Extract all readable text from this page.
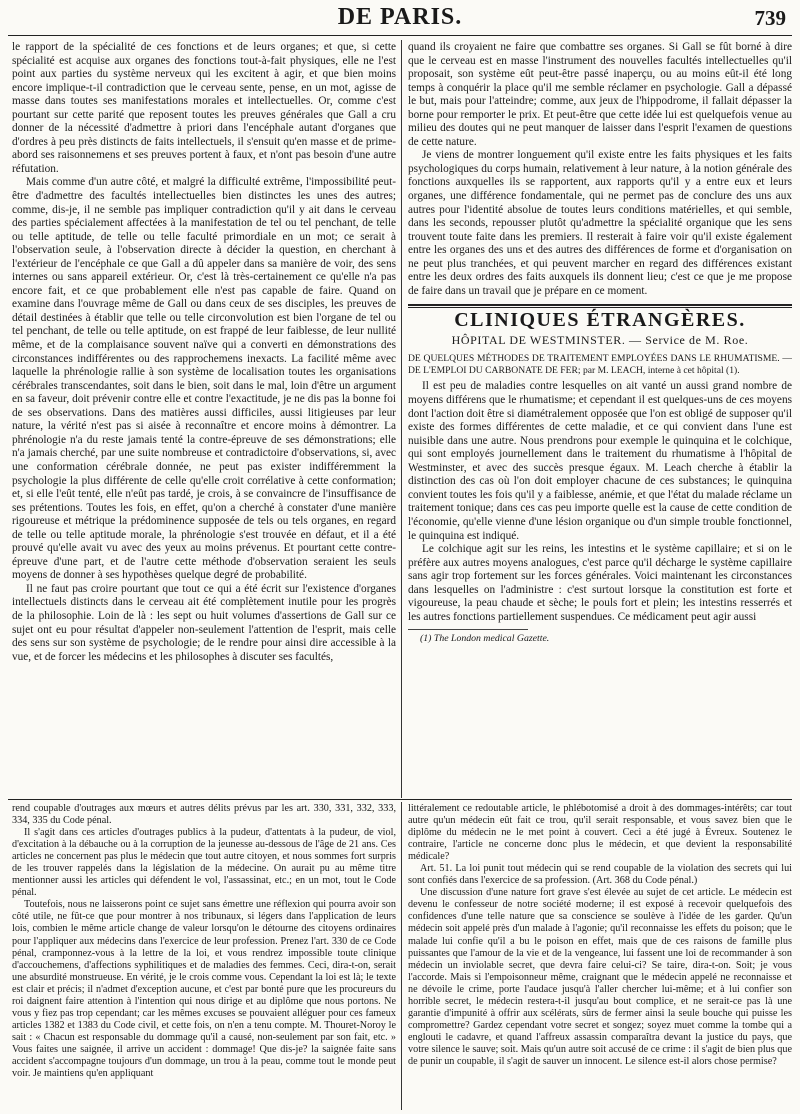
DE PARIS.	739

le rapport de la spécialité de ces fonctions et de leurs organes; et que, si cette spécialité est acquise aux organes des fonctions tout-à-fait physiques, elle ne l'est point aux parties du système nerveux qui les excitent à agir, et que bien moins encore implique-t-il contradiction que le cerveau sente, pense, en un mot, agisse de masse dans toutes ses manifestations morales et intellectuelles. Or, comme c'est pourtant sur cette parité que reposent toutes les preuves générales que Gall a cru donner de la nécessité d'admettre à priori dans l'encéphale autant d'organes que d'ordres à peu près distincts de faits intellectuels, il s'ensuit qu'en masse et de prime-abord ses raisonnemens et ses preuves portent à faux, et n'ont pas besoin d'une autre réfutation.

Mais comme d'un autre côté, et malgré la difficulté extrême, l'impossibilité peut-être d'admettre des facultés intellectuelles bien distinctes les unes des autres; comme, dis-je, il ne semble pas impliquer contradiction qu'il y ait dans le cerveau des parties spécialement affectées à la manifestation de tel ou tel penchant, de telle ou telle aptitude, de telle ou telle faculté primordiale en un mot; ce serait à l'observation seule, à l'observation directe à décider la question, en cherchant à l'extérieur de l'encéphale ce que Gall a dû appeler dans sa manière de voir, des sens internes ou sans appareil extérieur. Or, c'est là très-certainement ce qu'elle n'a pas encore fait, et ce que probablement elle n'est pas capable de faire. Quand on examine dans l'ouvrage même de Gall ou dans ceux de ses disciples, les preuves de détail destinées à établir que telle ou telle circonvolution est bien l'organe de tel ou tel penchant, de telle ou telle aptitude, on est frappé de leur faiblesse, de leur nullité même, et de la complaisance souvent naïve qui a converti en démonstrations des circonstances indifférentes ou des rapprochemens inexacts. La facilité même avec laquelle la phrénologie rallie à son système de localisation toutes les organisations cérébrales transcendantes, soit dans le bien, soit dans le mal, loin d'être un argument en sa faveur, doit prévenir contre elle et contre l'exactitude, je ne dis pas la bonne foi de ses observations. Dans des matières aussi difficiles, aussi litigieuses par leur nature, la vérité n'est pas si aisée à reconnaître et encore moins à démontrer. La phrénologie n'a du reste jamais tenté la contre-épreuve de ses démonstrations; elle n'a jamais cherché, par une suite nombreuse et contradictoire d'observations, si, avec une conformation cérébrale donnée, ne peut pas exister indifféremment la psychologie la plus différente de celle qu'elle croit corrélative à cette conformation; et, si elle l'eût tenté, elle n'eût pas tardé, je crois, à se convaincre de l'insuffisance de ses prétentions. Toutes les fois, en effet, qu'on a cherché à constater d'une manière rigoureuse et métrique la prédominence supposée de tels ou tels organes, en regard de telle ou telle aptitude morale, la phrénologie s'est trouvée en défaut, et il a été prouvé qu'elle avait vu avec des yeux au moins prévenus. Et pourtant cette contre-épreuve d'une part, et de l'autre cette méthode d'observation seraient les seuls moyens de donner à ses hypothèses quelque degré de probabilité.

Il ne faut pas croire pourtant que tout ce qui a été écrit sur l'existence d'organes intellectuels distincts dans le cerveau ait été complètement inutile pour les progrès de la philosophie. Loin de là : les sept ou huit volumes d'assertions de Gall sur ce sujet ont eu pour résultat d'appeler non-seulement l'attention de l'esprit, mais celle des sens sur son système de psychologie; de le rendre pour ainsi dire accessible à la vue, et de forcer les médecins et les philosophes à discuter ses facultés,

quand ils croyaient ne faire que combattre ses organes. Si Gall se fût borné à dire que le cerveau est en masse l'instrument des nouvelles facultés intellectuelles qu'il proposait, son système eût peut-être passé inaperçu, ou au moins eût-il été long temps à conquérir la place qu'il me semble réclamer en psychologie. Gall a dépassé le but, mais pour l'atteindre; comme, aux jeux de l'hippodrome, il fallait dépasser la borne pour remporter le prix. Et peut-être que cette idée lui est quelquefois venue au milieu des doutes qui ne peut manquer de laisser dans l'esprit l'examen de questions de cette nature.

Je viens de montrer longuement qu'il existe entre les faits physiques et les faits psychologiques du corps humain, relativement à leur nature, à la notion générale des fonctions auxquelles ils se rapportent, aux rapports qu'il y a entre eux et leurs organes, une différence fondamentale, qui ne permet pas de conclure des uns aux autres pour l'identité absolue de toutes leurs conditions matérielles, et qui semble, dans les seconds, repousser plutôt qu'admettre la spécialité organique que les sens trouvent toute faite dans les premiers. Il resterait à faire voir qu'il existe également entre les organes des uns et des autres des différences de forme et d'organisation on ne peut plus tranchées, et qui peuvent marcher en regard des différences existant entre les deux ordres des faits auxquels ils donnent lieu; c'est ce que je me propose de faire dans un travail que je prépare en ce moment.

CLINIQUES ÉTRANGÈRES.
HÔPITAL DE WESTMINSTER. — Service de M. Roe.
DE QUELQUES MÉTHODES DE TRAITEMENT EMPLOYÉES DANS LE RHUMATISME. — DE L'EMPLOI DU CARBONATE DE FER; par M. LEACH, interne à cet hôpital (1).

Il est peu de maladies contre lesquelles on ait vanté un aussi grand nombre de moyens différens que le rhumatisme; et cependant il est quelques-uns de ces moyens dont l'action doit être si diamétralement opposée que l'on est obligé de supposer qu'il existe des formes différentes de cette maladie, et ce qui convient dans l'une est nuisible dans une autre. Nous prendrons pour exemple le quinquina et le colchique, qui sont employés journellement dans le traitement du rhumatisme à l'hôpital de Westminster, et avec des succès presque égaux. M. Leach cherche à établir la distinction des cas où l'on doit employer chacune de ces substances; le quinquina convient toutes les fois qu'il y a faiblesse, anémie, et que l'état du malade réclame un traitement tonique; dans ces cas peu importe quelle est la cause de cette condition de l'économie, qu'elle vienne d'une lésion organique ou d'un simple trouble fonctionnel, le quinquina est indiqué.

Le colchique agit sur les reins, les intestins et le système capillaire; et si on le préfère aux autres moyens analogues, c'est parce qu'il décharge le système capillaire sans agir trop fortement sur les forces générales. Voici maintenant les circonstances dans lesquelles on l'administre : c'est surtout lorsque la constitution est forte et vigoureuse, la peau chaude et sèche; le pouls fort et plein; les intestins resserrés et les autres fonctions partiellement suspendues. Ce médicament peut agir aussi

(1) The London medical Gazette.

rend coupable d'outrages aux mœurs et autres délits prévus par les art. 330, 331, 332, 333, 334, 335 du Code pénal.

Il s'agit dans ces articles d'outrages publics à la pudeur, d'attentats à la pudeur, de viol, d'excitation à la débauche ou à la corruption de la jeunesse au-dessous de l'âge de 21 ans. Ces articles ne concernent pas plus le médecin que tout autre citoyen, et nous sommes fort surpris de les trouver rappelés dans la législation de la médecine. On aurait pu au même titre mentionner aussi les articles qui défendent le vol, l'assassinat, etc.; en un mot, tout le Code pénal.

Toutefois, nous ne laisserons point ce sujet sans émettre une réflexion qui pourra avoir son côté utile, ne fût-ce que pour montrer à nos tribunaux, si légers dans l'application de leurs lois, combien le même article change de valeur lorsqu'on le détourne des citoyens ordinaires pour l'appliquer aux médecins dans l'exercice de leur profession. Prenez l'art. 330 de ce Code pénal, cramponnez-vous à la lettre de la loi, et vous rendrez impossible toute clinique d'accouchemens, d'affections syphilitiques et de maladies des femmes. Ceci, dira-t-on, serait une absurdité monstrueuse. En vérité, je le crois comme vous. Cependant la loi est là; le texte est clair et précis; il n'admet d'exception aucune, et c'est par bonté pure que les procureurs du roi daignent faire attention à l'intention qui nous dirige et au diplôme que nous portons. Ne vous y fiez pas trop cependant; car les mêmes excuses se pouvaient alléguer pour ces fameux articles 1382 et 1383 du Code civil, et cette fois, on n'en a tenu compte. M. Thouret-Noroy le sait : « Chacun est responsable du dommage qu'il a causé, non-seulement par son fait, etc. » Vous faites une saignée, il arrive un accident : dommage! Que dis-je? la saignée faite sans accident s'accompagne toujours d'un dommage, un trou à la peau, comme tout le monde peut voir. Je maintiens qu'en appliquant

littéralement ce redoutable article, le phlébotomisé a droit à des dommages-intérêts; car tout autre qu'un médecin eût fait ce trou, qu'il serait responsable, et vous savez bien que le diplôme du médecin ne le met point à couvert. Ceci a été jugé à Évreux. Soutenez le contraire, l'article ne concerne donc plus le médecin, et que devient la responsabilité médicale?

Art. 51. La loi punit tout médecin qui se rend coupable de la violation des secrets qui lui sont confiés dans l'exercice de sa profession. (Art. 368 du Code pénal.)

Une discussion d'une nature fort grave s'est élevée au sujet de cet article. Le médecin est devenu le confesseur de notre société moderne; il est exposé à recevoir quelquefois des confidences d'une telle nature que sa conscience se soulève à l'idée de les garder. Qu'un médecin soit appelé près d'un malade à l'agonie; qu'il reconnaisse les effets du poison; que le malade lui confie qu'il a bu le poison en effet, mais que de ces raisons de famille plus puissantes que l'amour de la vie et de la vengeance, lui fassent une loi de recommander à son médecin un inviolable secret, que devra faire celui-ci? Se taire, dira-t-on. Soit; je vous l'accorde. Mais si l'empoisonneur même, craignant que le médecin appelé ne reconnaisse et ne dévoile le crime, porte l'audace jusqu'à l'aller chercher lui-même; et à lui confier son horrible secret, le médecin restera-t-il jusqu'au bout complice, et ne serait-ce pas là une garantie d'impunité à offrir aux scélérats, sûrs de fermer ainsi la seule bouche qui puisse les compromettre? Gardez cependant votre secret et songez; soyez muet comme la tombe qui a englouti le cadavre, et quand l'affreux assassin comparaîtra devant la justice du pays, que votre silence le sauve; soit. Mais qu'un autre soit accusé de ce crime : il s'agit de bien plus que de punir un coupable, il s'agit de sauver un innocent. Le silence est-il alors chose permise?
